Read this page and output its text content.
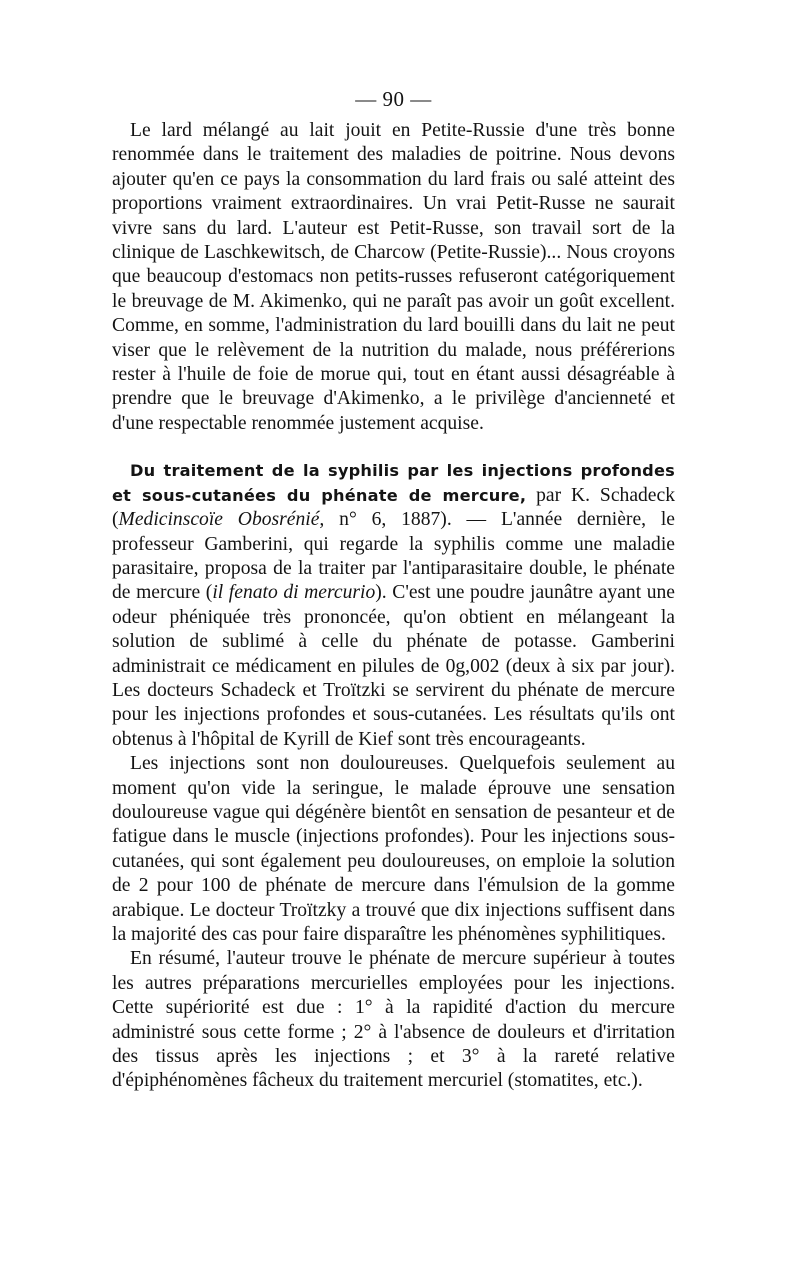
— 90 —

Le lard mélangé au lait jouit en Petite-Russie d'une très bonne renommée dans le traitement des maladies de poitrine. Nous devons ajouter qu'en ce pays la consommation du lard frais ou salé atteint des proportions vraiment extraordinaires. Un vrai Petit-Russe ne saurait vivre sans du lard. L'auteur est Petit-Russe, son travail sort de la clinique de Laschkewitsch, de Charcow (Petite-Russie)... Nous croyons que beaucoup d'estomacs non petits-russes refuseront catégoriquement le breuvage de M. Akimenko, qui ne paraît pas avoir un goût excellent. Comme, en somme, l'administration du lard bouilli dans du lait ne peut viser que le relèvement de la nutrition du malade, nous préférerions rester à l'huile de foie de morue qui, tout en étant aussi désagréable à prendre que le breuvage d'Akimenko, a le privilège d'ancienneté et d'une respectable renommée justement acquise.

Du traitement de la syphilis par les injections profondes et sous-cutanées du phénate de mercure, par K. Schadeck (Medicinscoïe Obosrénié, n° 6, 1887). — L'année dernière, le professeur Gamberini, qui regarde la syphilis comme une maladie parasitaire, proposa de la traiter par l'antiparasitaire double, le phénate de mercure (il fenato di mercurio). C'est une poudre jaunâtre ayant une odeur phéniquée très prononcée, qu'on obtient en mélangeant la solution de sublimé à celle du phénate de potasse. Gamberini administrait ce médicament en pilules de 0g,002 (deux à six par jour). Les docteurs Schadeck et Troïtzki se servirent du phénate de mercure pour les injections profondes et sous-cutanées. Les résultats qu'ils ont obtenus à l'hôpital de Kyrill de Kief sont très encourageants.

Les injections sont non douloureuses. Quelquefois seulement au moment qu'on vide la seringue, le malade éprouve une sensation douloureuse vague qui dégénère bientôt en sensation de pesanteur et de fatigue dans le muscle (injections profondes). Pour les injections sous-cutanées, qui sont également peu douloureuses, on emploie la solution de 2 pour 100 de phénate de mercure dans l'émulsion de la gomme arabique. Le docteur Troïtzky a trouvé que dix injections suffisent dans la majorité des cas pour faire disparaître les phénomènes syphilitiques.

En résumé, l'auteur trouve le phénate de mercure supérieur à toutes les autres préparations mercurielles employées pour les injections. Cette supériorité est due : 1° à la rapidité d'action du mercure administré sous cette forme ; 2° à l'absence de douleurs et d'irritation des tissus après les injections ; et 3° à la rareté relative d'épiphénomènes fâcheux du traitement mercuriel (stomatites, etc.).
